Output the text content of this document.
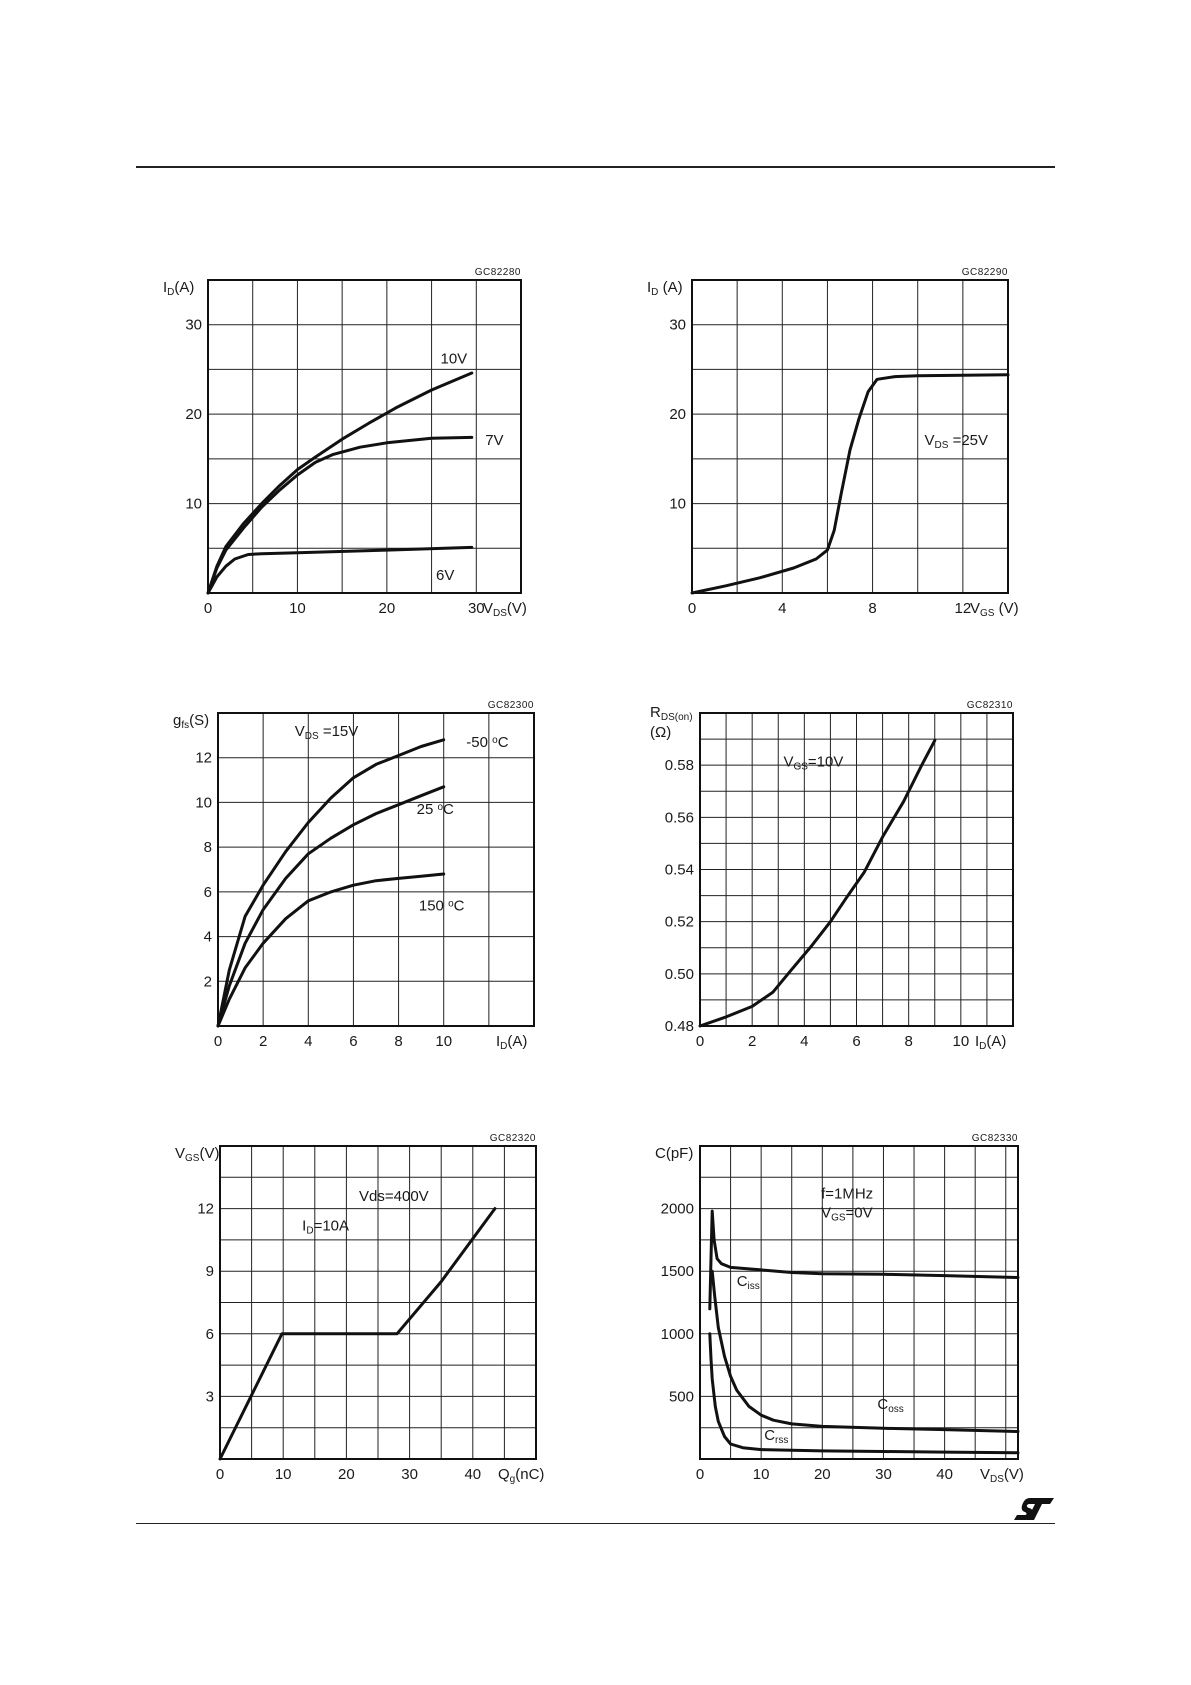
0	10	20	30
10
20
30
GC82280
ID(A)
VDS(V)
10V
7V
6V
0	4	8	12
10
20
30
GC82290
ID (A)
VGS (V)
VDS =25V
0 2 4 6 8 10
2
4
6
8
10
12
GC82300
gfs(S)
ID(A)
VDS =15V
-50 oC
25 oC
150 oC
0	2	4	6	8	10
0.48
0.50
0.52
0.54
0.56
0.58
GC82310
RDS(on)
(Ω)
ID(A)
VGS=10V
0	10	20	30	40
3
6
9
12
GC82320
VGS(V)
Qg(nC)
Vds=400V
ID=10A
0	10	20	30	40
500
1000
1500
2000
GC82330
C(pF)
VDS(V)
f=1MHz
VGS=0V
Ciss
Coss
Crss
